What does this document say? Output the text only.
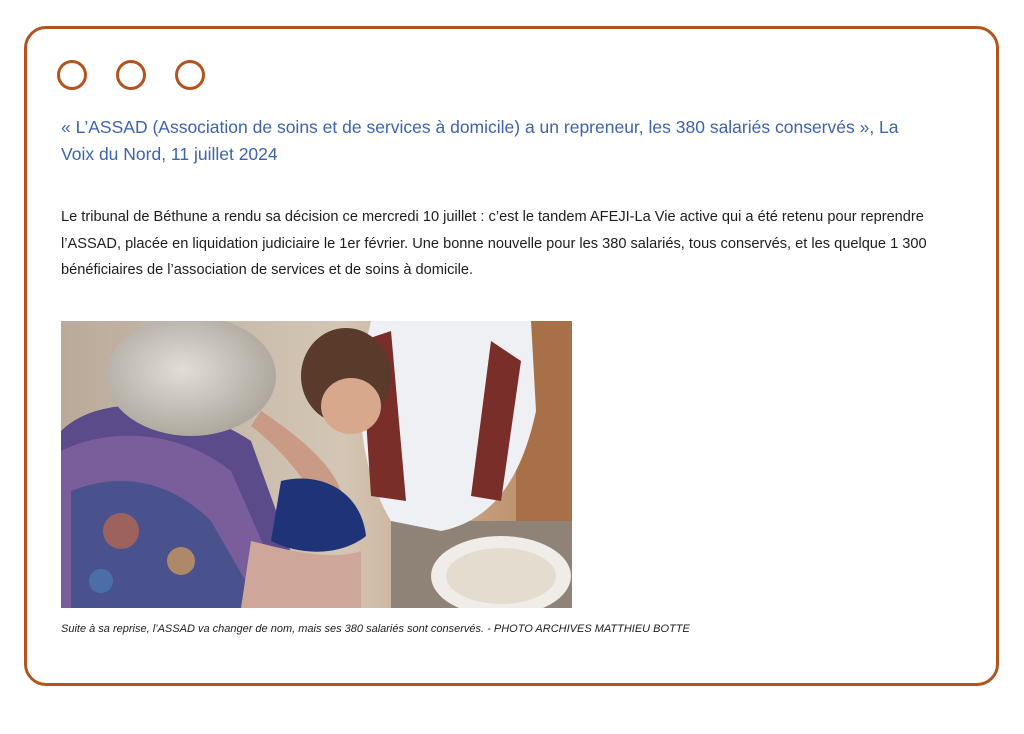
« L’ASSAD (Association de soins et de services à domicile) a un repreneur, les 380 salariés conservés », La Voix du Nord, 11 juillet 2024

Le tribunal de Béthune a rendu sa décision ce mercredi 10 juillet : c’est le tandem AFEJI-La Vie active qui a été retenu pour reprendre l’ASSAD, placée en liquidation judiciaire le 1er février. Une bonne nouvelle pour les 380 salariés, tous conservés, et les quelque 1 300 bénéficiaires de l’association de services et de soins à domicile.

Suite à sa reprise, l’ASSAD va changer de nom, mais ses 380 salariés sont conservés. - PHOTO ARCHIVES MATTHIEU BOTTE
